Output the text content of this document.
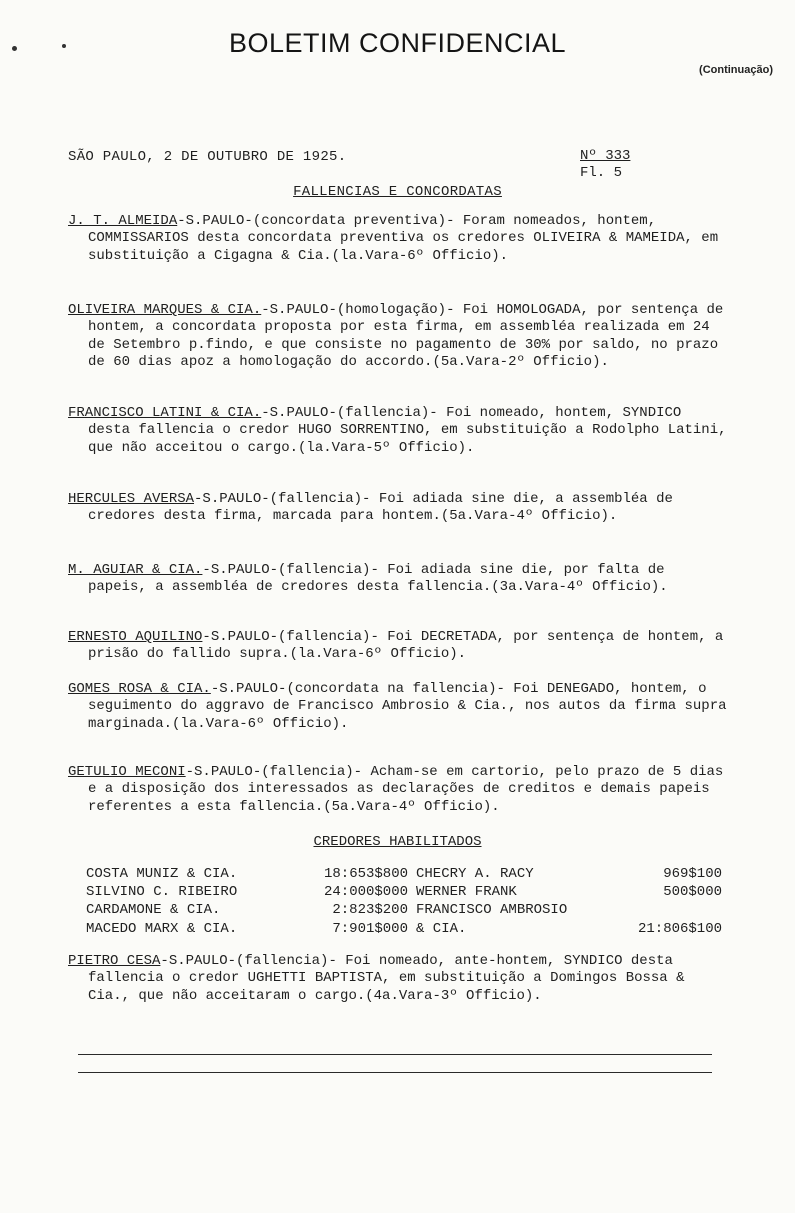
BOLETIM CONFIDENCIAL
(Continuação)
SÃO PAULO, 2 DE OUTUBRO DE 1925.	Nº 333
Fl. 5
FALLENCIAS E CONCORDATAS
J. T. ALMEIDA-S.PAULO-(concordata preventiva)- Foram nomeados, hontem, COMMISSARIOS desta concordata preventiva os credores OLIVEIRA & MAMEIDA, em substituição a Cigagna & Cia.(la.Vara-6º Officio).
OLIVEIRA MARQUES & CIA.-S.PAULO-(homologação)- Foi HOMOLOGADA, por sentença de hontem, a concordata proposta por esta firma, em assembléa realizada em 24 de Setembro p.findo, e que consiste no pagamento de 30% por saldo, no prazo de 60 dias apoz a homologação do accordo.(5a.Vara-2º Officio).
FRANCISCO LATINI & CIA.-S.PAULO-(fallencia)- Foi nomeado, hontem, SYNDICO desta fallencia o credor HUGO SORRENTINO, em substituição a Rodolpho Latini, que não acceitou o cargo.(la.Vara-5º Officio).
HERCULES AVERSA-S.PAULO-(fallencia)- Foi adiada sine die, a assembléa de credores desta firma, marcada para hontem.(5a.Vara-4º Officio).
M. AGUIAR & CIA.-S.PAULO-(fallencia)- Foi adiada sine die, por falta de papeis, a assembléa de credores desta fallencia.(3a.Vara-4º Officio).
ERNESTO AQUILINO-S.PAULO-(fallencia)- Foi DECRETADA, por sentença de hontem, a prisão do fallido supra.(la.Vara-6º Officio).
GOMES ROSA & CIA.-S.PAULO-(concordata na fallencia)- Foi DENEGADO, hontem, o seguimento do aggravo de Francisco Ambrosio & Cia., nos autos da firma supra marginada.(la.Vara-6º Officio).
GETULIO MECONI-S.PAULO-(fallencia)- Acham-se em cartorio, pelo prazo de 5 dias e a disposição dos interessados as declarações de creditos e demais papeis referentes a esta fallencia.(5a.Vara-4º Officio).
CREDORES HABILITADOS
COSTA MUNIZ & CIA.	18:653$800	CHECRY A. RACY	969$100
SILVINO C. RIBEIRO	24:000$000	WERNER FRANK	500$000
CARDAMONE & CIA.	2:823$200	FRANCISCO AMBROSIO	
MACEDO MARX & CIA.	7:901$000	& CIA.	21:806$100
PIETRO CESA-S.PAULO-(fallencia)- Foi nomeado, ante-hontem, SYNDICO desta fallencia o credor UGHETTI BAPTISTA, em substituição a Domingos Bossa & Cia., que não acceitaram o cargo.(4a.Vara-3º Officio).
